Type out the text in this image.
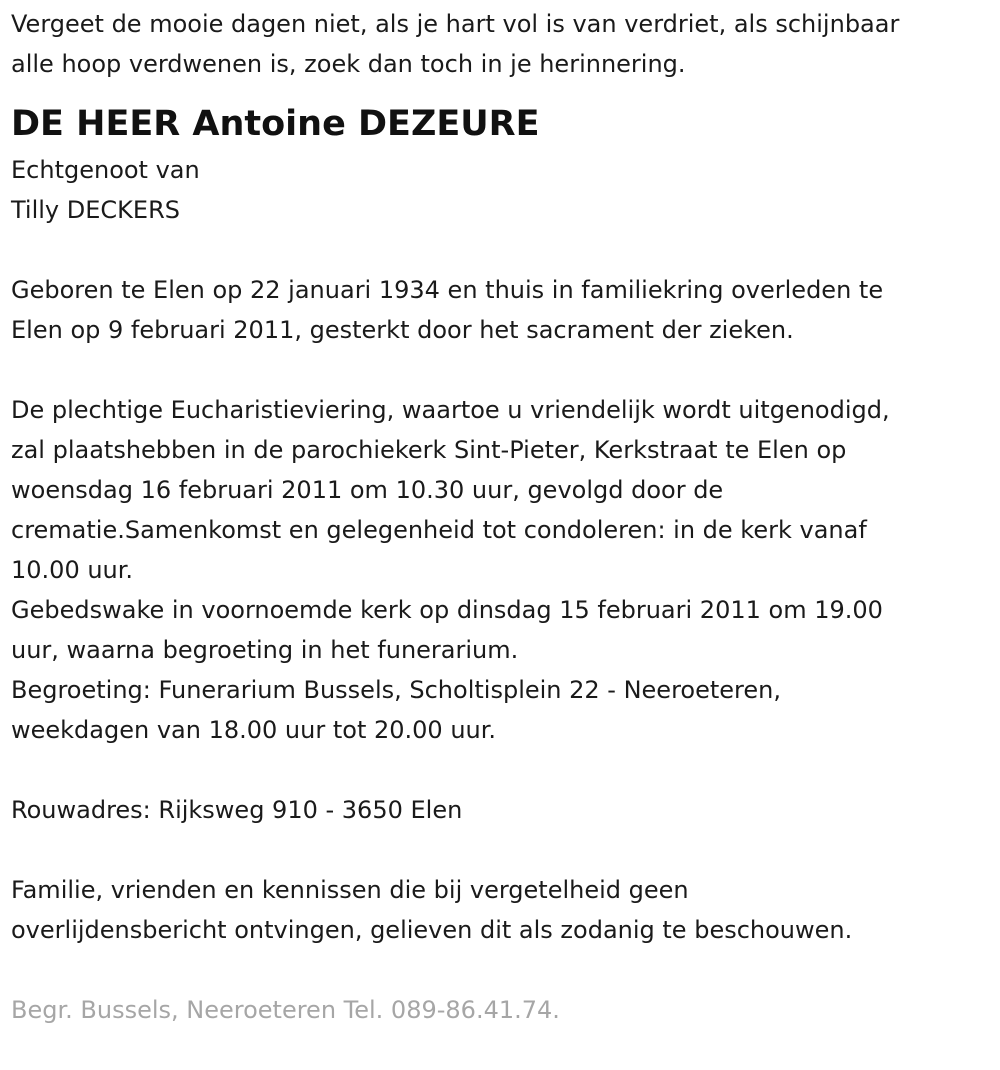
Vergeet de mooie dagen niet, als je hart vol is van verdriet, als schijnbaar

alle hoop verdwenen is, zoek dan toch in je herinnering.

DE HEER Antoine DEZEURE

Echtgenoot van

Tilly DECKERS

Geboren te Elen op 22 januari 1934 en thuis in familiekring overleden te

Elen op 9 februari 2011, gesterkt door het sacrament der zieken.

De plechtige Eucharistieviering, waartoe u vriendelijk wordt uitgenodigd,

zal plaatshebben in de parochiekerk Sint-Pieter, Kerkstraat te Elen op

woensdag 16 februari 2011 om 10.30 uur, gevolgd door de

crematie.Samenkomst en gelegenheid tot condoleren: in de kerk vanaf

10.00 uur.

Gebedswake in voornoemde kerk op dinsdag 15 februari 2011 om 19.00

uur, waarna begroeting in het funerarium.

Begroeting: Funerarium Bussels, Scholtisplein 22 - Neeroeteren,

weekdagen van 18.00 uur tot 20.00 uur.

Rouwadres: Rijksweg 910 - 3650 Elen

Familie, vrienden en kennissen die bij vergetelheid geen

overlijdensbericht ontvingen, gelieven dit als zodanig te beschouwen.

Begr. Bussels, Neeroeteren Tel. 089-86.41.74.
